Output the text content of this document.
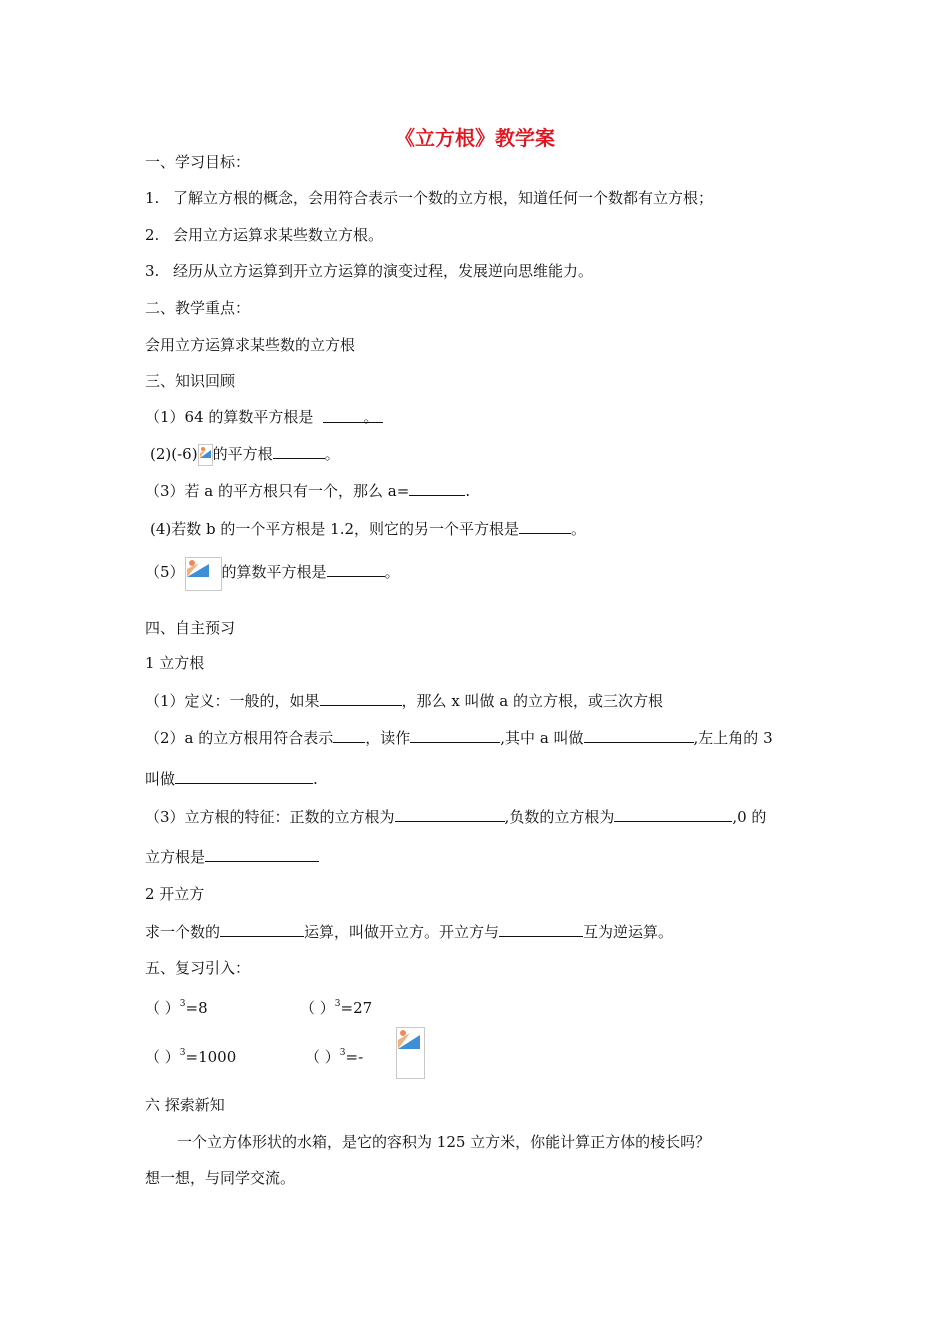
《立方根》教学案
一、学习目标：
1. 了解立方根的概念，会用符合表示一个数的立方根，知道任何一个数都有立方根；
2. 会用立方运算求某些数立方根。
3. 经历从立方运算到开立方运算的演变过程，发展逆向思维能力。
二、教学重点：
会用立方运算求某些数的立方根
三、知识回顾
（1）64 的算数平方根是	。
(2)(-6) 的平方根	。
（3）若 a 的平方根只有一个，那么 a=	.
(4)若数 b 的一个平方根是 1.2，则它的另一个平方根是	。
（5） 的算数平方根是	。
四、自主预习
1 立方根
（1）定义：一般的，如果	，那么 x 叫做 a 的立方根，或三次方根
（2）a 的立方根用符合表示 ，读作	,其中 a 叫做	,左上角的 3
叫做	.
（3）立方根的特征：正数的立方根为	,负数的立方根为	,0 的
立方根是
2 开立方
求一个数的	运算，叫做开立方。开立方与	互为逆运算。
五、复习引入：
（ ）$^3$=8	（ ）$^3$=27
（ ）$^3$=1000	（ ）$^3$=-
六 探索新知
一个立方体形状的水箱，是它的容积为 125 立方米，你能计算正方体的棱长吗？
想一想，与同学交流。
